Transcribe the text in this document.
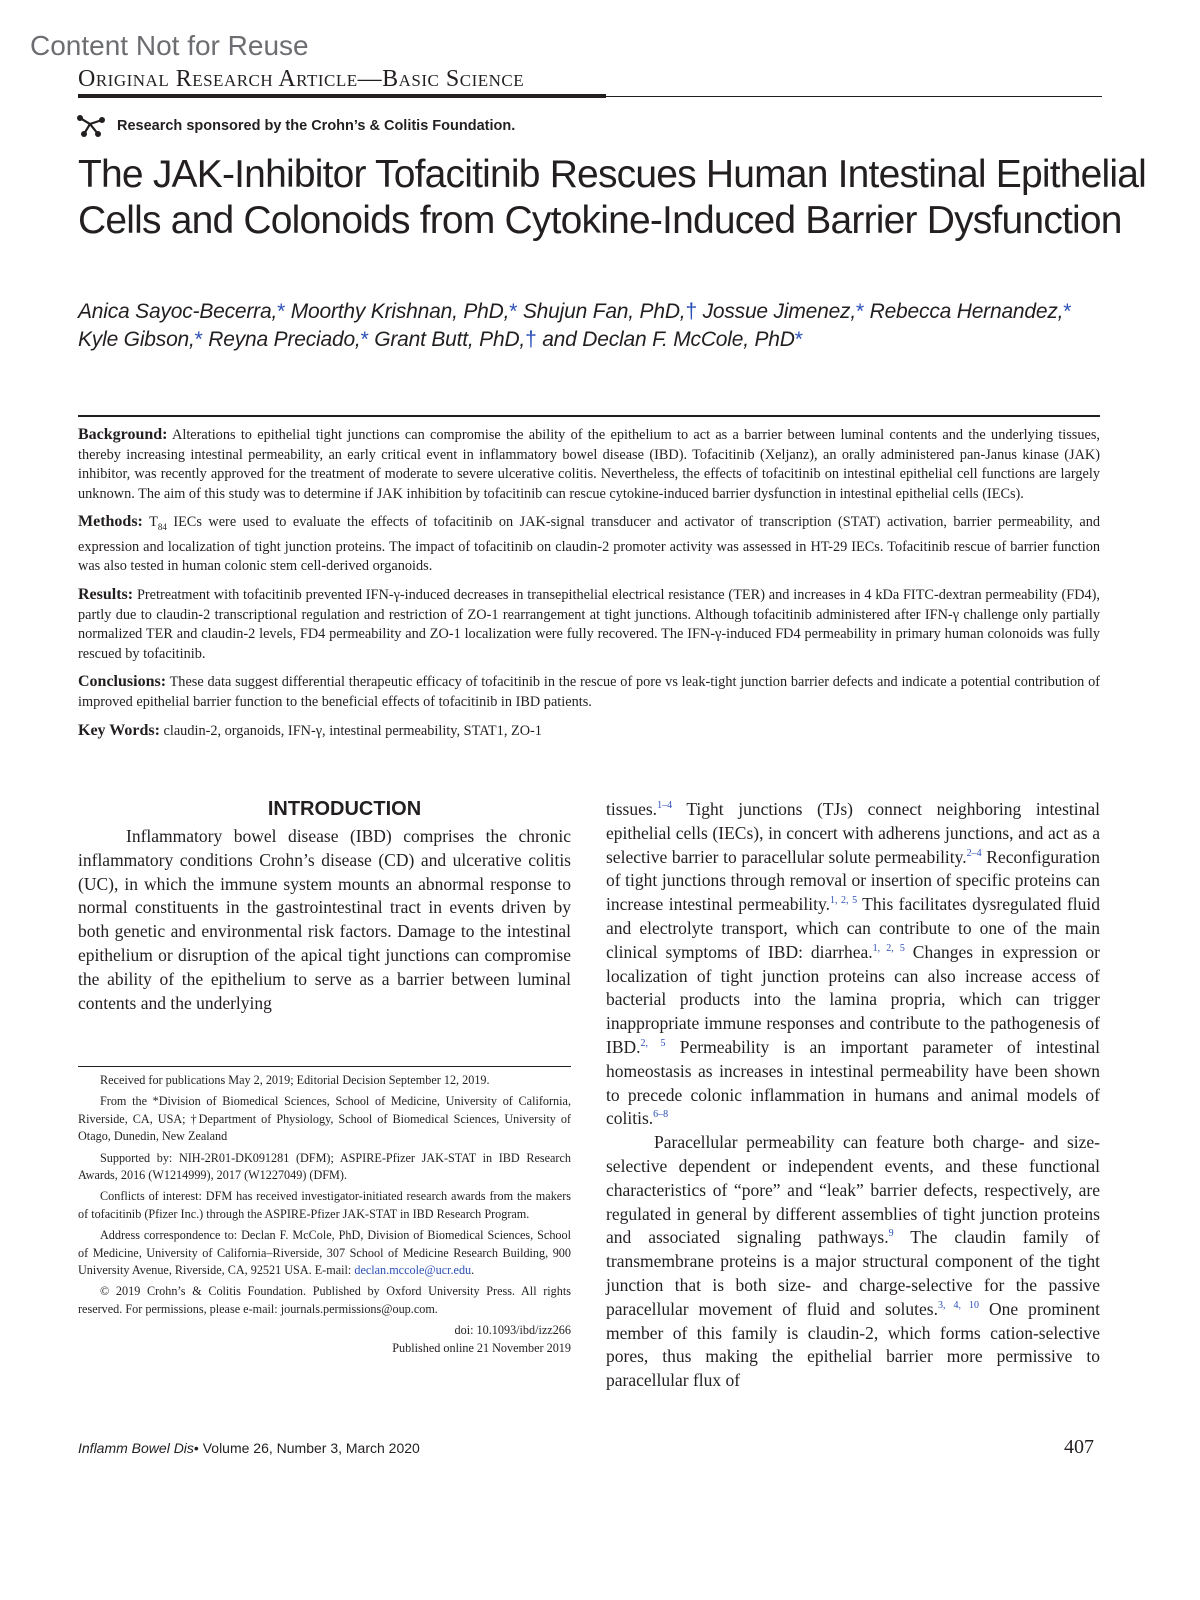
Content Not for Reuse
Original Research Article—Basic Science
Research sponsored by the Crohn’s & Colitis Foundation.
The JAK-Inhibitor Tofacitinib Rescues Human Intestinal Epithelial
Cells and Colonoids from Cytokine-Induced Barrier Dysfunction
Anica Sayoc-Becerra,* Moorthy Krishnan, PhD,* Shujun Fan, PhD,† Jossue Jimenez,* Rebecca Hernandez,*
Kyle Gibson,* Reyna Preciado,* Grant Butt, PhD,† and Declan F. McCole, PhD*

Background: Alterations to epithelial tight junctions can compromise the ability of the epithelium to act as a barrier between luminal contents and the underlying tissues, thereby increasing intestinal permeability, an early critical event in inflammatory bowel disease (IBD). Tofacitinib (Xeljanz), an orally administered pan-Janus kinase (JAK) inhibitor, was recently approved for the treatment of moderate to severe ulcerative colitis. Nevertheless, the effects of tofacitinib on intestinal epithelial cell functions are largely unknown. The aim of this study was to determine if JAK inhibition by tofacitinib can rescue cytokine-induced barrier dysfunction in intestinal epithelial cells (IECs).

Methods: $T_{84}$ IECs were used to evaluate the effects of tofacitinib on JAK-signal transducer and activator of transcription (STAT) activation, barrier permeability, and expression and localization of tight junction proteins. The impact of tofacitinib on claudin-2 promoter activity was assessed in HT-29 IECs. Tofacitinib rescue of barrier function was also tested in human colonic stem cell-derived organoids.

Results: Pretreatment with tofacitinib prevented IFN-γ-induced decreases in transepithelial electrical resistance (TER) and increases in 4 kDa FITC-dextran permeability (FD4), partly due to claudin-2 transcriptional regulation and restriction of ZO-1 rearrangement at tight junctions. Although tofacitinib administered after IFN-γ challenge only partially normalized TER and claudin-2 levels, FD4 permeability and ZO-1 localization were fully recovered. The IFN-γ-induced FD4 permeability in primary human colonoids was fully rescued by tofacitinib.

Conclusions: These data suggest differential therapeutic efficacy of tofacitinib in the rescue of pore vs leak-tight junction barrier defects and indicate a potential contribution of improved epithelial barrier function to the beneficial effects of tofacitinib in IBD patients.

Key Words: claudin-2, organoids, IFN-γ, intestinal permeability, STAT1, ZO-1

INTRODUCTION

Inflammatory bowel disease (IBD) comprises the chronic inflammatory conditions Crohn’s disease (CD) and ulcerative colitis (UC), in which the immune system mounts an abnormal response to normal constituents in the gastrointestinal tract in events driven by both genetic and environmental risk factors. Damage to the intestinal epithelium or disruption of the apical tight junctions can compromise the ability of the epithelium to serve as a barrier between luminal contents and the underlying

Received for publications May 2, 2019; Editorial Decision September 12, 2019.

From the *Division of Biomedical Sciences, School of Medicine, University of California, Riverside, CA, USA; †Department of Physiology, School of Biomedical Sciences, University of Otago, Dunedin, New Zealand

Supported by: NIH-2R01-DK091281 (DFM); ASPIRE-Pfizer JAK-STAT in IBD Research Awards, 2016 (W1214999), 2017 (W1227049) (DFM).

Conflicts of interest: DFM has received investigator-initiated research awards from the makers of tofacitinib (Pfizer Inc.) through the ASPIRE-Pfizer JAK-STAT in IBD Research Program.

Address correspondence to: Declan F. McCole, PhD, Division of Biomedical Sciences, School of Medicine, University of California–Riverside, 307 School of Medicine Research Building, 900 University Avenue, Riverside, CA, 92521 USA. E-mail: declan.mccole@ucr.edu.

© 2019 Crohn’s & Colitis Foundation. Published by Oxford University Press. All rights reserved. For permissions, please e-mail: journals.permissions@oup.com.

doi: 10.1093/ibd/izz266

Published online 21 November 2019

tissues.$^{1-4}$ Tight junctions (TJs) connect neighboring intestinal epithelial cells (IECs), in concert with adherens junctions, and act as a selective barrier to paracellular solute permeability.$^{2-4}$ Reconfiguration of tight junctions through removal or insertion of specific proteins can increase intestinal permeability.$^{1, 2, 5}$ This facilitates dysregulated fluid and electrolyte transport, which can contribute to one of the main clinical symptoms of IBD: diarrhea.$^{1, 2, 5}$ Changes in expression or localization of tight junction proteins can also increase access of bacterial products into the lamina propria, which can trigger inappropriate immune responses and contribute to the pathogenesis of IBD.$^{2, 5}$ Permeability is an important parameter of intestinal homeostasis as increases in intestinal permeability have been shown to precede colonic inflammation in humans and animal models of colitis.$^{6-8}$

Paracellular permeability can feature both charge- and size-selective dependent or independent events, and these functional characteristics of “pore” and “leak” barrier defects, respectively, are regulated in general by different assemblies of tight junction proteins and associated signaling pathways.$^9$ The claudin family of transmembrane proteins is a major structural component of the tight junction that is both size- and charge-selective for the passive paracellular movement of fluid and solutes.$^{3, 4, 10}$ One prominent member of this family is claudin-2, which forms cation-selective pores, thus making the epithelial barrier more permissive to paracellular flux of

Inflamm Bowel Dis• Volume 26, Number 3, March 2020	407
